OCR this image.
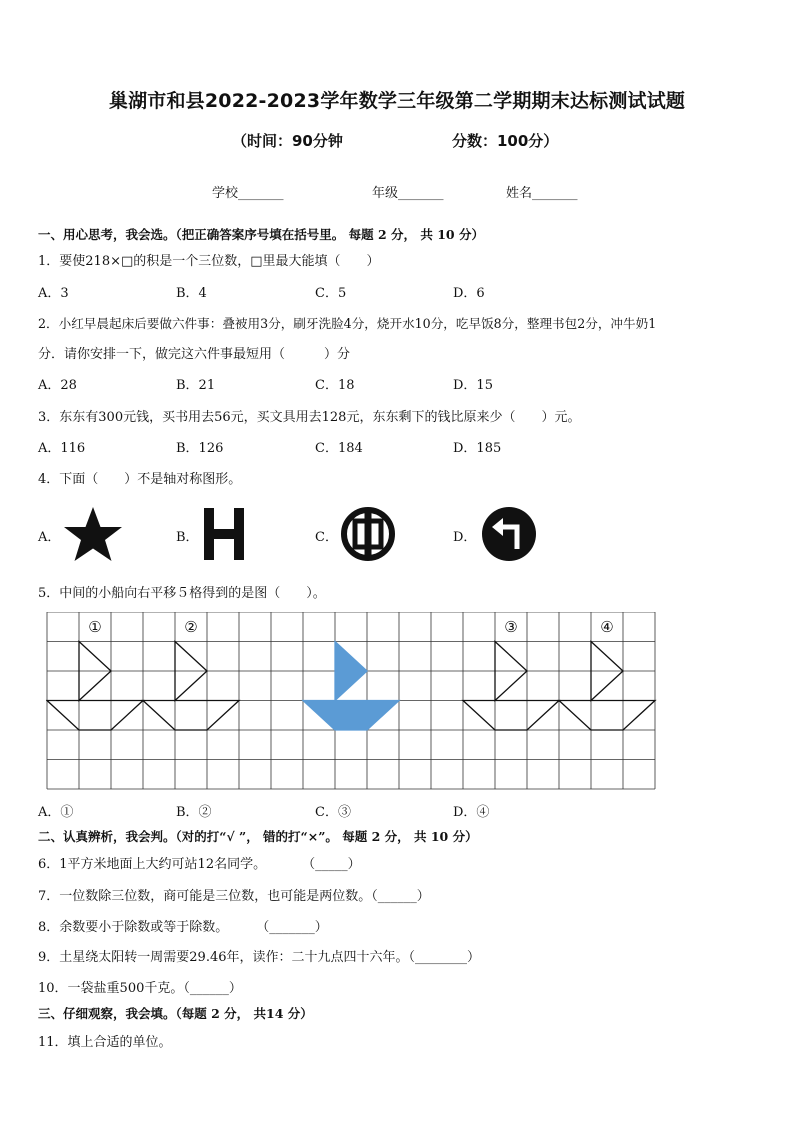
巢湖市和县2022-2023学年数学三年级第二学期期末达标测试试题
（时间：90分钟	分数：100分）
学校_______	年级_______	姓名_______
一、用心思考，我会选。（把正确答案序号填在括号里。 每题 2 分， 共 10 分）
1．要使218×□的积是一个三位数，□里最大能填（　　）
A．3	B．4	C．5	D．6
2．小红早晨起床后要做六件事：叠被用3分，刷牙洗脸4分，烧开水10分，吃早饭8分，整理书包2分，冲牛奶1
分．请你安排一下，做完这六件事最短用（　　　）分
A．28	B．21	C．18	D．15
3．东东有300元钱，买书用去56元，买文具用去128元，东东剩下的钱比原来少（　　）元。
A．116	B．126	C．184	D．185
4．下面（　　）不是轴对称图形。
A．	B．	C．	D．
5．中间的小船向右平移５格得到的是图（　　）。
①	②	③	④
A．①	B．②	C．③	D．④
二、认真辨析，我会判。（对的打“√ ”， 错的打“×”。 每题 2 分， 共 10 分）
6．1平方米地面上大约可站12名同学。	（_____）
7．一位数除三位数，商可能是三位数，也可能是两位数。（______）
8．余数要小于除数或等于除数。 （_______）
9．土星绕太阳转一周需要29.46年，读作：二十九点四十六年。（________）
10．一袋盐重500千克。（______）
三、仔细观察，我会填。（每题 2 分， 共14 分）
11．填上合适的单位。
